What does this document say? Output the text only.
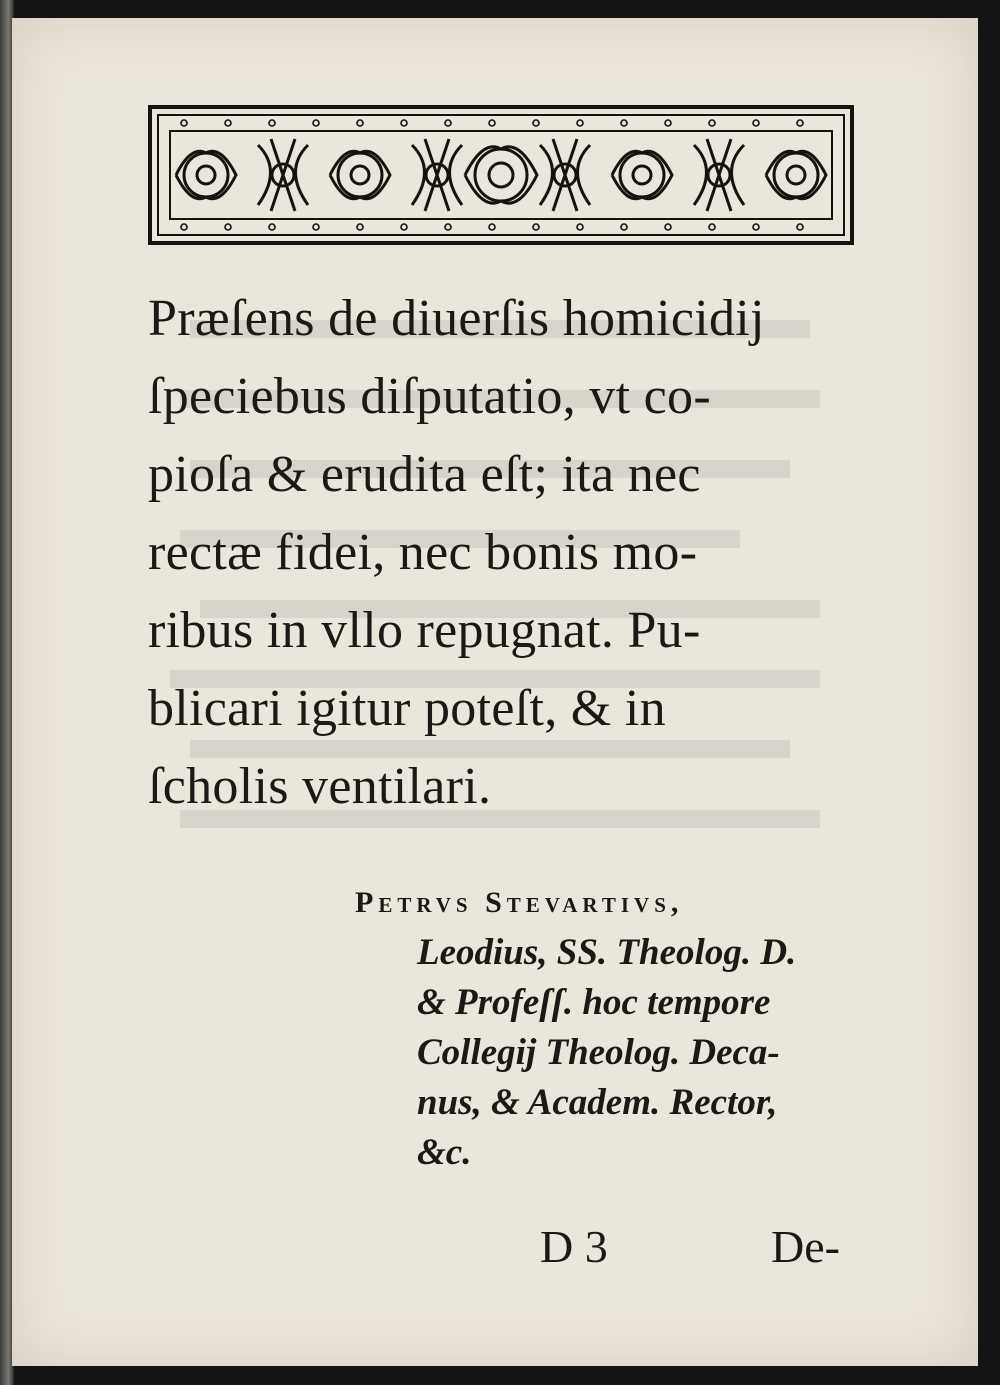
Præſens de diuerſis homicidij
ſpeciebus diſputatio, vt co-
pioſa & erudita eſt; ita nec
rectæ fidei, nec bonis mo-
ribus in vllo repugnat. Pu-
blicari igitur poteſt, & in
ſcholis ventilari.
Petrvs Stevartivs,
Leodius, SS. Theolog. D.
& Profeſſ. hoc tempore
Collegij Theolog. Deca-
nus, & Academ. Rector,
&c.
D 3	De-
